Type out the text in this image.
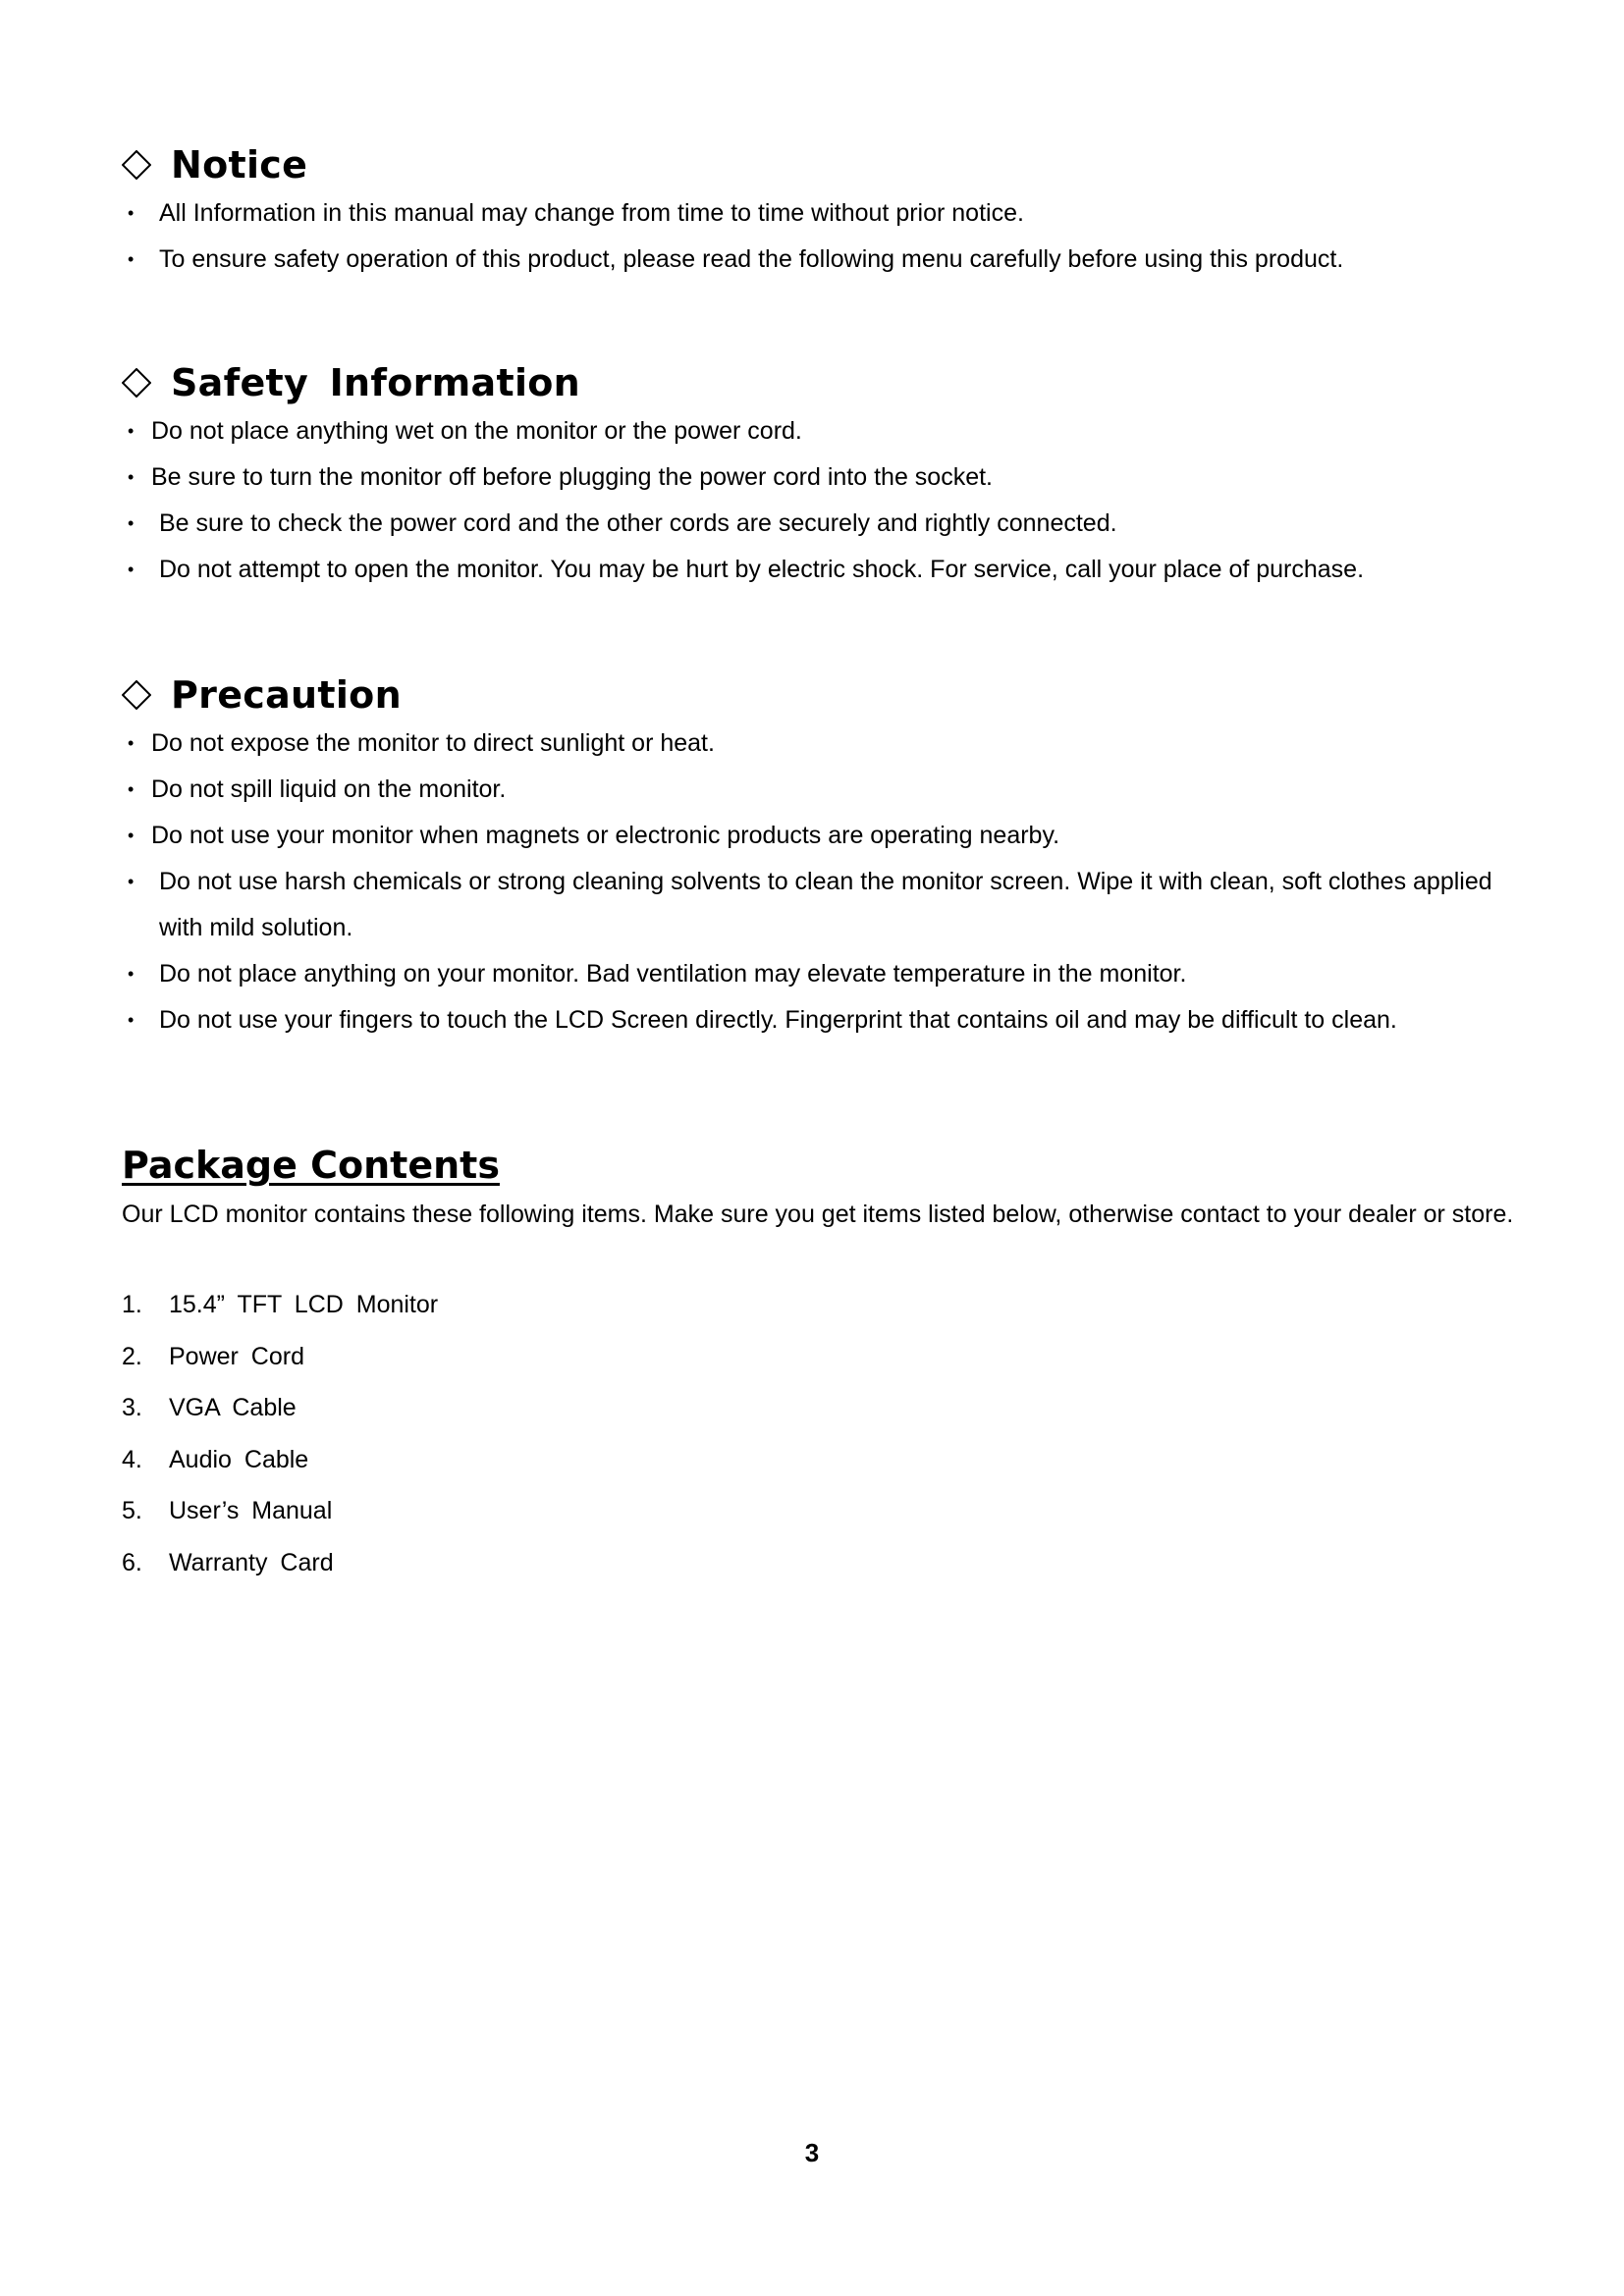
Notice
• All Information in this manual may change from time to time without prior notice.
• To ensure safety operation of this product, please read the following menu carefully before using this product.
Safety Information
• Do not place anything wet on the monitor or the power cord.
• Be sure to turn the monitor off before plugging the power cord into the socket.
• Be sure to check the power cord and the other cords are securely and rightly connected.
• Do not attempt to open the monitor. You may be hurt by electric shock. For service, call your place of purchase.
Precaution
• Do not expose the monitor to direct sunlight or heat.
• Do not spill liquid on the monitor.
• Do not use your monitor when magnets or electronic products are operating nearby.
• Do not use harsh chemicals or strong cleaning solvents to clean the monitor screen. Wipe it with clean, soft clothes applied with mild solution.
• Do not place anything on your monitor. Bad ventilation may elevate temperature in the monitor.
• Do not use your fingers to touch the LCD Screen directly. Fingerprint that contains oil and may be difficult to clean.
Package Contents

Our LCD monitor contains these following items. Make sure you get items listed below, otherwise contact to your dealer or store.

1. 15.4” TFT LCD Monitor
2. Power Cord
3. VGA Cable
4. Audio Cable
5. User’s Manual
6. Warranty Card
3
